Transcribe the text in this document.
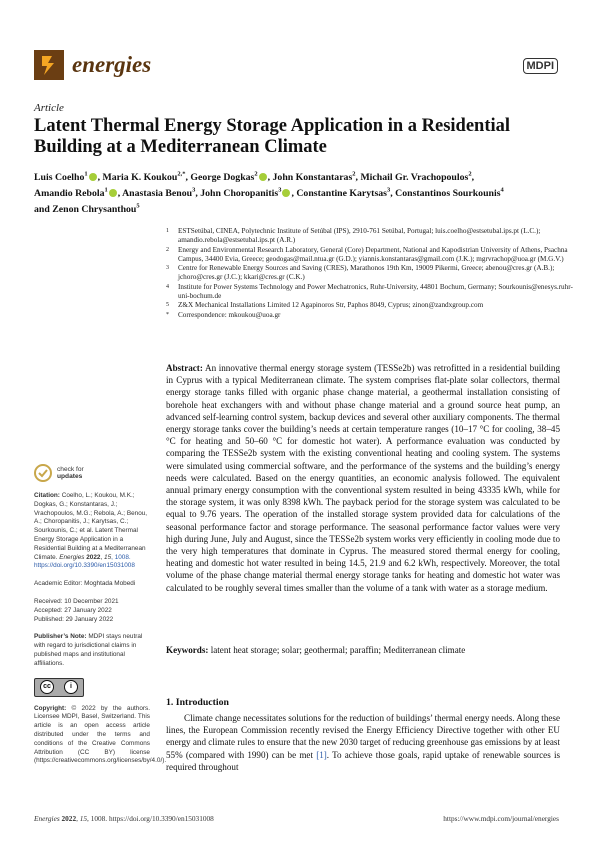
energies	MDPI
Article
Latent Thermal Energy Storage Application in a Residential Building at a Mediterranean Climate
Luis Coelho$^1$ , Maria K. Koukou$^{2,*}$, George Dogkas$^2$ , John Konstantaras$^2$, Michail Gr. Vrachopoulos$^2$,
Amandio Rebola$^1$ , Anastasia Benou$^3$, John Choropanitis$^3$ , Constantine Karytsas$^3$, Constantinos Sourkounis$^4$
and Zenon Chrysanthou$^5$
1	ESTSetúbal, CINEA, Polytechnic Institute of Setúbal (IPS), 2910-761 Setúbal, Portugal; luis.coelho@estsetubal.ips.pt (L.C.); amandio.rebola@estsetubal.ips.pt (A.R.)
2	Energy and Environmental Research Laboratory, General (Core) Department, National and Kapodistrian University of Athens, Psachna Campus, 34400 Evia, Greece; geodogas@mail.ntua.gr (G.D.); yiannis.konstantaras@gmail.com (J.K.); mgrvrachop@uoa.gr (M.G.V.)
3	Centre for Renewable Energy Sources and Saving (CRES), Marathonos 19th Km, 19009 Pikermi, Greece; abenou@cres.gr (A.B.); jchoro@cres.gr (J.C.); kkari@cres.gr (C.K.)
4	Institute for Power Systems Technology and Power Mechatronics, Ruhr-University, 44801 Bochum, Germany; Sourkounis@enesys.ruhr-uni-bochum.de
5	Z&X Mechanical Installations Limited 12 Agapinoros Str, Paphos 8049, Cyprus; zinon@zandxgroup.com
*	Correspondence: mkoukou@uoa.gr
check for
updates
Citation: Coelho, L.; Koukou, M.K.; Dogkas, G.; Konstantaras, J.; Vrachopoulos, M.G.; Rebola, A.; Benou, A.; Choropanitis, J.; Karytsas, C.; Sourkounis, C.; et al. Latent Thermal Energy Storage Application in a Residential Building at a Mediterranean Climate. Energies 2022, 15, 1008. https://doi.org/10.3390/en15031008
Academic Editor: Moghtada Mobedi
Received: 10 December 2021
Accepted: 27 January 2022
Published: 29 January 2022
Publisher’s Note: MDPI stays neutral with regard to jurisdictional claims in published maps and institutional affiliations.
cc	i
Copyright: © 2022 by the authors. Licensee MDPI, Basel, Switzerland. This article is an open access article distributed under the terms and conditions of the Creative Commons Attribution (CC BY) license (https://creativecommons.org/licenses/by/4.0/).
Abstract: An innovative thermal energy storage system (TESSe2b) was retrofitted in a residential building in Cyprus with a typical Mediterranean climate. The system comprises flat-plate solar collectors, thermal energy storage tanks filled with organic phase change material, a geothermal installation consisting of borehole heat exchangers with and without phase change material and a ground source heat pump, an advanced self-learning control system, backup devices and several other auxiliary components. The thermal energy storage tanks cover the building’s needs at certain temperature ranges (10–17 °C for cooling, 38–45 °C for heating and 50–60 °C for domestic hot water). A performance evaluation was conducted by comparing the TESSe2b system with the existing conventional heating and cooling system. The systems were simulated using commercial software, and the performance of the systems and the building’s energy needs were calculated. Based on the energy quantities, an economic analysis followed. The equivalent annual primary energy consumption with the conventional system resulted in being 43335 kWh, while for the storage system, it was only 8398 kWh. The payback period for the storage system was calculated to be equal to 9.76 years. The operation of the installed storage system provided data for calculations of the seasonal performance factor and storage performance. The seasonal performance factor values were very high during June, July and August, since the TESSe2b system works very efficiently in cooling mode due to the very high temperatures that dominate in Cyprus. The measured stored thermal energy for cooling, heating and domestic hot water resulted in being 14.5, 21.9 and 6.2 kWh, respectively. Moreover, the total volume of the phase change material thermal energy storage tanks for heating and domestic hot water was calculated to be roughly several times smaller than the volume of a tank with water as a storage medium.
Keywords: latent heat storage; solar; geothermal; paraffin; Mediterranean climate
1. Introduction
Climate change necessitates solutions for the reduction of buildings’ thermal energy needs. Along these lines, the European Commission recently revised the Energy Efficiency Directive together with other EU energy and climate rules to ensure that the new 2030 target of reducing greenhouse gas emissions by at least 55% (compared with 1990) can be met [1]. To achieve those goals, rapid uptake of renewable sources is required throughout
Energies 2022, 15, 1008. https://doi.org/10.3390/en15031008	https://www.mdpi.com/journal/energies
